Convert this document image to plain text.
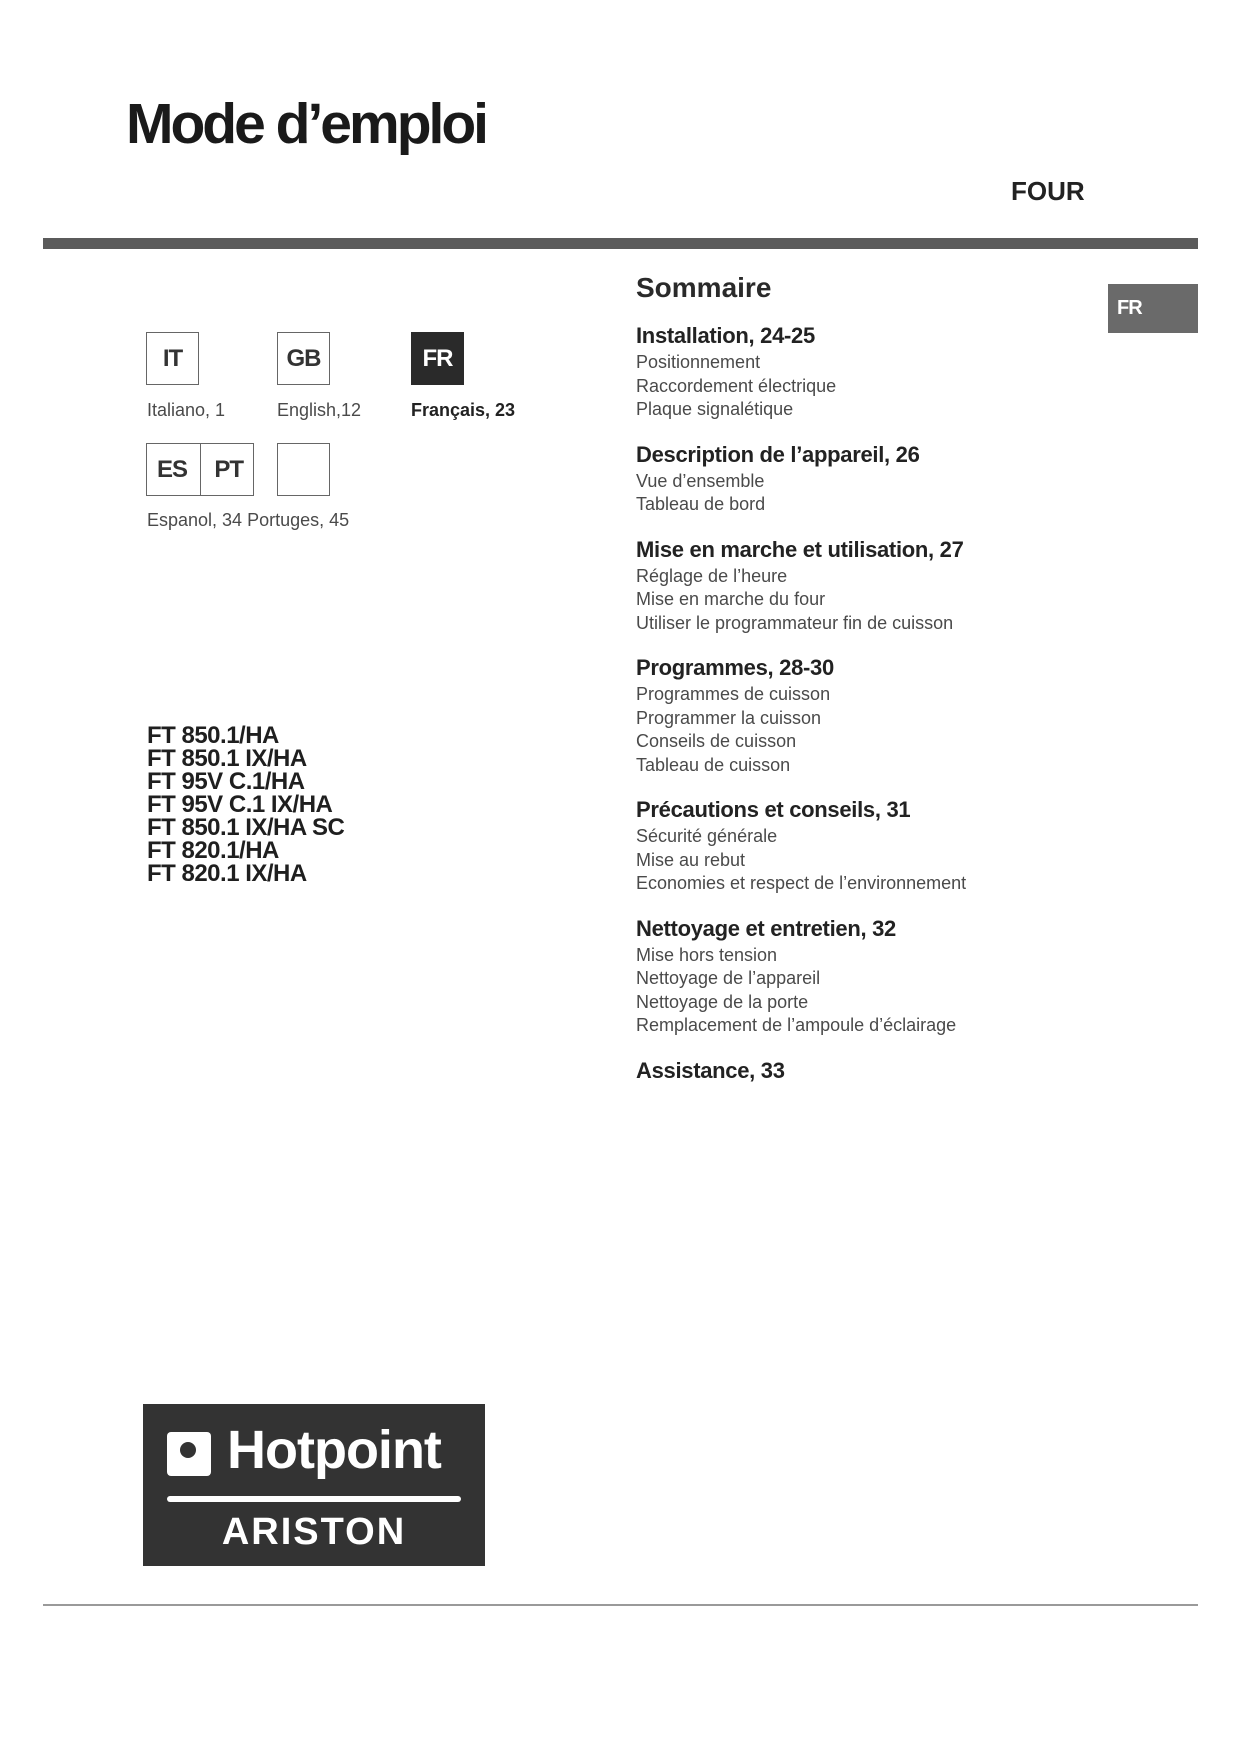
Mode d’emploi
FOUR
IT	GB	FR
Italiano, 1	English,12	Français, 23
ES PT
Espanol, 34 Portuges, 45
FR
FT 850.1/HA
FT 850.1 IX/HA
FT 95V C.1/HA
FT 95V C.1 IX/HA
FT 850.1 IX/HA SC
FT 820.1/HA
FT 820.1 IX/HA
Sommaire
Installation, 24-25
Positionnement
Raccordement électrique
Plaque signalétique
Description de l’appareil, 26
Vue d’ensemble
Tableau de bord
Mise en marche et utilisation, 27
Réglage de l’heure
Mise en marche du four
Utiliser le programmateur fin de cuisson
Programmes, 28-30
Programmes de cuisson
Programmer la cuisson
Conseils de cuisson
Tableau de cuisson
Précautions et conseils, 31
Sécurité générale
Mise au rebut
Economies et respect de l’environnement
Nettoyage et entretien, 32
Mise hors tension
Nettoyage de l’appareil
Nettoyage de la porte
Remplacement de l’ampoule d’éclairage
Assistance, 33
Hotpoint
ARISTON
